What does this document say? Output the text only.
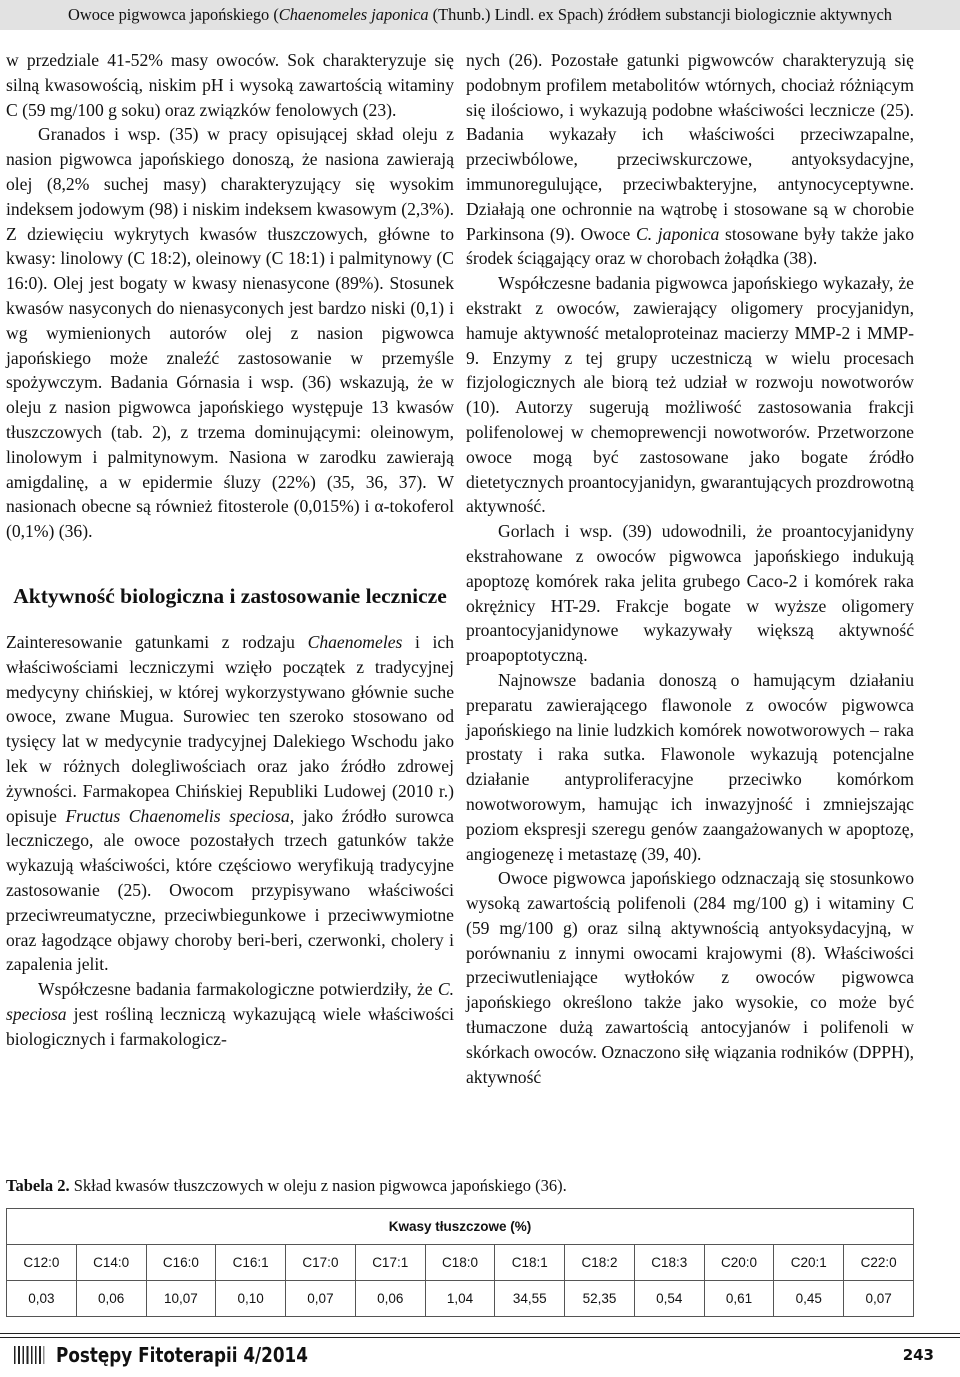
Owoce pigwowca japońskiego (Chaenomeles japonica (Thunb.) Lindl. ex Spach) źródłem substancji biologicznie aktywnych

w przedziale 41-52% masy owoców. Sok charakteryzuje się silną kwasowością, niskim pH i wysoką zawartością witaminy C (59 mg/100 g soku) oraz związków fenolowych (23).

Granados i wsp. (35) w pracy opisującej skład oleju z nasion pigwowca japońskiego donoszą, że nasiona zawierają olej (8,2% suchej masy) charakteryzujący się wysokim indeksem jodowym (98) i niskim indeksem kwasowym (2,3%). Z dziewięciu wykrytych kwasów tłuszczowych, główne to kwasy: linolowy (C 18:2), oleinowy (C 18:1) i palmitynowy (C 16:0). Olej jest bogaty w kwasy nienasycone (89%). Stosunek kwasów nasyconych do nienasyconych jest bardzo niski (0,1) i wg wymienionych autorów olej z nasion pigwowca japońskiego może znaleźć zastosowanie w przemyśle spożywczym. Badania Górnasia i wsp. (36) wskazują, że w oleju z nasion pigwowca japońskiego występuje 13 kwasów tłuszczowych (tab. 2), z trzema dominującymi: oleinowym, linolowym i palmitynowym. Nasiona w zarodku zawierają amigdalinę, a w epidermie śluzy (22%) (35, 36, 37). W nasionach obecne są również fitosterole (0,015%) i α-tokoferol (0,1%) (36).

Aktywność biologiczna i zastosowanie lecznicze

Zainteresowanie gatunkami z rodzaju Chaenomeles i ich właściwościami leczniczymi wzięło początek z tradycyjnej medycyny chińskiej, w której wykorzystywano głównie suche owoce, zwane Mugua. Surowiec ten szeroko stosowano od tysięcy lat w medycynie tradycyjnej Dalekiego Wschodu jako lek w różnych dolegliwościach oraz jako źródło zdrowej żywności. Farmakopea Chińskiej Republiki Ludowej (2010 r.) opisuje Fructus Chaenomelis speciosa, jako źródło surowca leczniczego, ale owoce pozostałych trzech gatunków także wykazują właściwości, które częściowo weryfikują tradycyjne zastosowanie (25). Owocom przypisywano właściwości przeciwreumatyczne, przeciwbiegunkowe i przeciwwymiotne oraz łagodzące objawy choroby beri-beri, czerwonki, cholery i zapalenia jelit.

Współczesne badania farmakologiczne potwierdziły, że C. speciosa jest rośliną leczniczą wykazującą wiele właściwości biologicznych i farmakologicz-

nych (26). Pozostałe gatunki pigwowców charakteryzują się podobnym profilem metabolitów wtórnych, chociaż różniącym się ilościowo, i wykazują podobne właściwości lecznicze (25). Badania wykazały ich właściwości przeciwzapalne, przeciwbólowe, przeciwskurczowe, antyoksydacyjne, immunoregulujące, przeciwbakteryjne, antynocyceptywne. Działają one ochronnie na wątrobę i stosowane są w chorobie Parkinsona (9). Owoce C. japonica stosowane były także jako środek ściągający oraz w chorobach żołądka (38).

Współczesne badania pigwowca japońskiego wykazały, że ekstrakt z owoców, zawierający oligomery procyjanidyn, hamuje aktywność metaloproteinaz macierzy MMP-2 i MMP-9. Enzymy z tej grupy uczestniczą w wielu procesach fizjologicznych ale biorą też udział w rozwoju nowotworów (10). Autorzy sugerują możliwość zastosowania frakcji polifenolowej w chemoprewencji nowotworów. Przetworzone owoce mogą być zastosowane jako bogate źródło dietetycznych proantocyjanidyn, gwarantujących prozdrowotną aktywność.

Gorlach i wsp. (39) udowodnili, że proantocyjanidyny ekstrahowane z owoców pigwowca japońskiego indukują apoptozę komórek raka jelita grubego Caco-2 i komórek raka okrężnicy HT-29. Frakcje bogate w wyższe oligomery proantocyjanidynowe wykazywały większą aktywność proapoptotyczną.

Najnowsze badania donoszą o hamującym działaniu preparatu zawierającego flawonole z owoców pigwowca japońskiego na linie ludzkich komórek nowotworowych – raka prostaty i raka sutka. Flawonole wykazują potencjalne działanie antyproliferacyjne przeciwko komórkom nowotworowym, hamując ich inwazyjność i zmniejszając poziom ekspresji szeregu genów zaangażowanych w apoptozę, angiogenezę i metastazę (39, 40).

Owoce pigwowca japońskiego odznaczają się stosunkowo wysoką zawartością polifenoli (284 mg/100 g) i witaminy C (59 mg/100 g) oraz silną aktywnością antyoksydacyjną, w porównaniu z innymi owocami krajowymi (8). Właściwości przeciwutleniające wytłoków z owoców pigwowca japońskiego określono także jako wysokie, co może być tłumaczone dużą zawartością antocyjanów i polifenoli w skórkach owoców. Oznaczono siłę wiązania rodników (DPPH), aktywność

Tabela 2. Skład kwasów tłuszczowych w oleju z nasion pigwowca japońskiego (36).
Kwasy tłuszczowe (%)												
C12:0	C14:0	C16:0	C16:1	C17:0	C17:1	C18:0	C18:1	C18:2	C18:3	C20:0	C20:1	C22:0
0,03	0,06	10,07	0,10	0,07	0,06	1,04	34,55	52,35	0,54	0,61	0,45	0,07
Postępy Fitoterapii 4/2014	243
